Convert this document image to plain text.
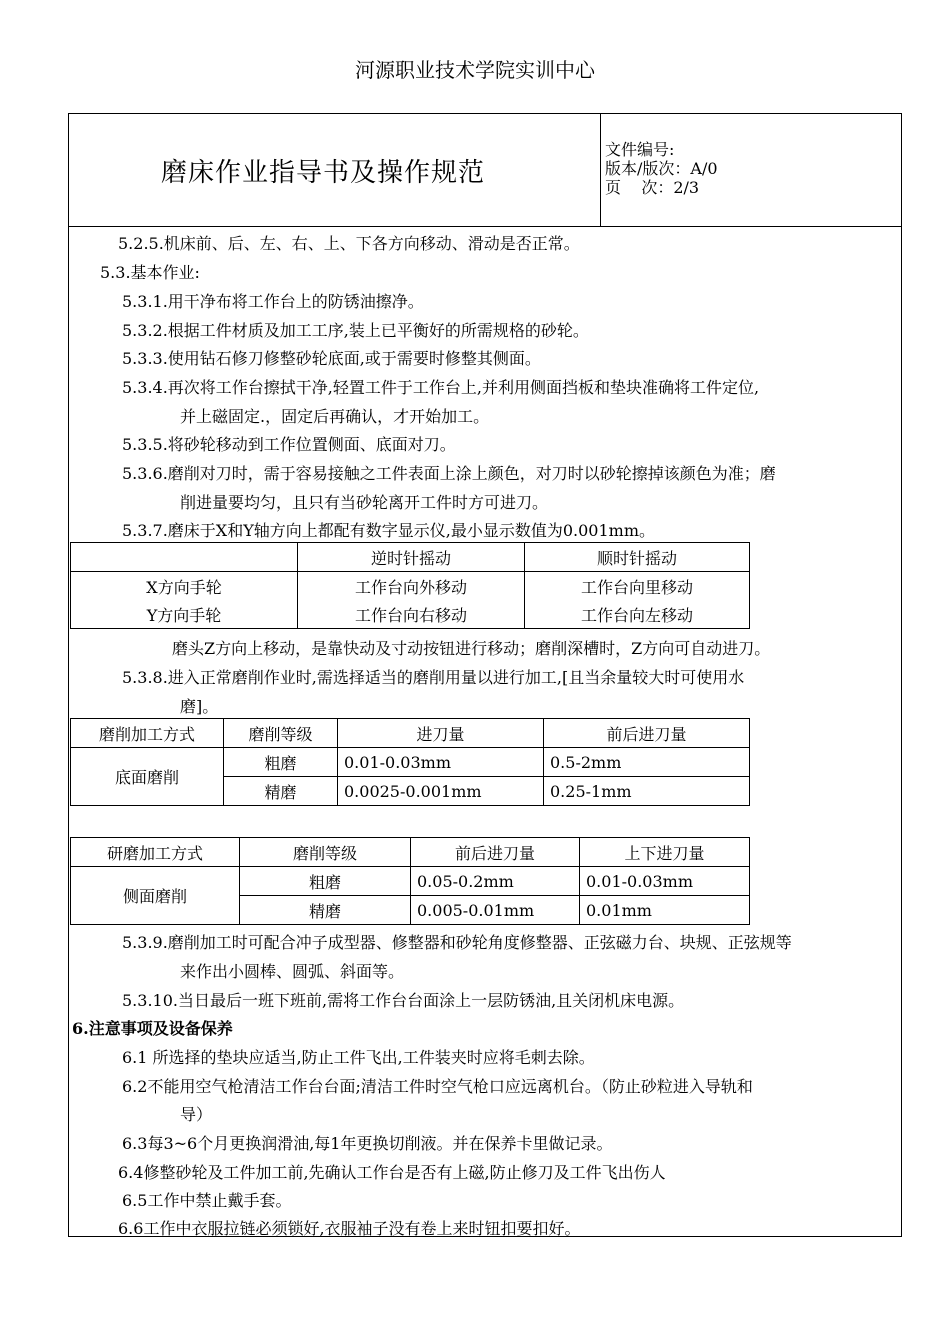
河源职业技术学院实训中心
磨床作业指导书及操作规范
文件编号:
版本/版次：A/0
页    次：2/3
5.2.5.机床前、后、左、右、上、下各方向移动、滑动是否正常。
5.3.基本作业:
5.3.1.用干净布将工作台上的防锈油擦净。
5.3.2.根据工件材质及加工工序,装上已平衡好的所需规格的砂轮。
5.3.3.使用钻石修刀修整砂轮底面,或于需要时修整其侧面。
5.3.4.再次将工作台擦拭干净,轻置工件于工作台上,并利用侧面挡板和垫块准确将工件定位,
并上磁固定.，固定后再确认，才开始加工。
5.3.5.将砂轮移动到工作位置侧面、底面对刀。
5.3.6.磨削对刀时，需于容易接触之工件表面上涂上颜色，对刀时以砂轮擦掉该颜色为准；磨
削进量要均匀，且只有当砂轮离开工件时方可进刀。
5.3.7.磨床于X和Y轴方向上都配有数字显示仪,最小显示数值为0.001mm。
	逆时针摇动	顺时针摇动
X方向手轮	工作台向外移动	工作台向里移动
Y方向手轮	工作台向右移动	工作台向左移动
磨头Z方向上移动，是靠快动及寸动按钮进行移动；磨削深槽时，Z方向可自动进刀。
5.3.8.进入正常磨削作业时,需选择适当的磨削用量以进行加工,[且当余量较大时可使用水
磨]。
磨削加工方式	磨削等级	进刀量	前后进刀量
底面磨削	粗磨	0.01-0.03mm	0.5-2mm
	精磨	0.0025-0.001mm	0.25-1mm
研磨加工方式	磨削等级	前后进刀量	上下进刀量
侧面磨削	粗磨	0.05-0.2mm	0.01-0.03mm
	精磨	0.005-0.01mm	0.01mm
5.3.9.磨削加工时可配合冲子成型器、修整器和砂轮角度修整器、正弦磁力台、块规、正弦规等
来作出小圆棒、圆弧、斜面等。
5.3.10.当日最后一班下班前,需将工作台台面涂上一层防锈油,且关闭机床电源。
6.注意事项及设备保养
6.1 所选择的垫块应适当,防止工件飞出,工件装夹时应将毛刺去除。
6.2不能用空气枪清洁工作台台面;清洁工件时空气枪口应远离机台。（防止砂粒进入导轨和
导）
6.3每3~6个月更换润滑油,每1年更换切削液。并在保养卡里做记录。
6.4修整砂轮及工件加工前,先确认工作台是否有上磁,防止修刀及工件飞出伤人
6.5工作中禁止戴手套。
6.6工作中衣服拉链必须锁好,衣服袖子没有卷上来时钮扣要扣好。
